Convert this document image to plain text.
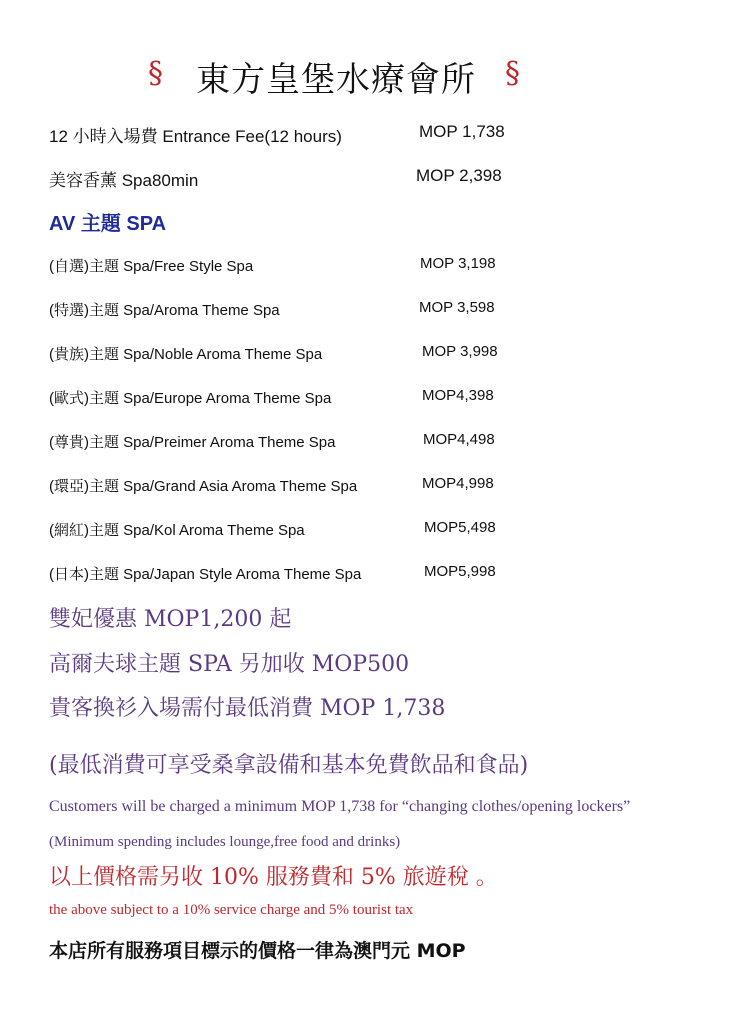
§ 東方皇堡水療會所 §
12 小時入場費 Entrance Fee(12 hours)	MOP 1,738
美容香薰 Spa80min	MOP 2,398
AV 主題 SPA
(自選)主題 Spa/Free Style Spa	MOP 3,198
(特選)主題 Spa/Aroma Theme Spa	MOP 3,598
(貴族)主題 Spa/Noble Aroma Theme Spa	MOP 3,998
(歐式)主題 Spa/Europe Aroma Theme Spa	MOP4,398
(尊貴)主題 Spa/Preimer Aroma Theme Spa	MOP4,498
(環亞)主題 Spa/Grand Asia Aroma Theme Spa	MOP4,998
(網紅)主題 Spa/Kol Aroma Theme Spa	MOP5,498
(日本)主題 Spa/Japan Style Aroma Theme Spa	MOP5,998
雙妃優惠 MOP1,200 起
高爾夫球主題 SPA 另加收 MOP500
貴客換衫入場需付最低消費 MOP 1,738
(最低消費可享受桑拿設備和基本免費飲品和食品)
Customers will be charged a minimum MOP 1,738 for “changing clothes/opening lockers”
(Minimum spending includes lounge,free food and drinks)
以上價格需另收 10% 服務費和 5% 旅遊稅 。
the above subject to a 10% service charge and 5% tourist tax
本店所有服務項目標示的價格一律為澳門元 MOP
